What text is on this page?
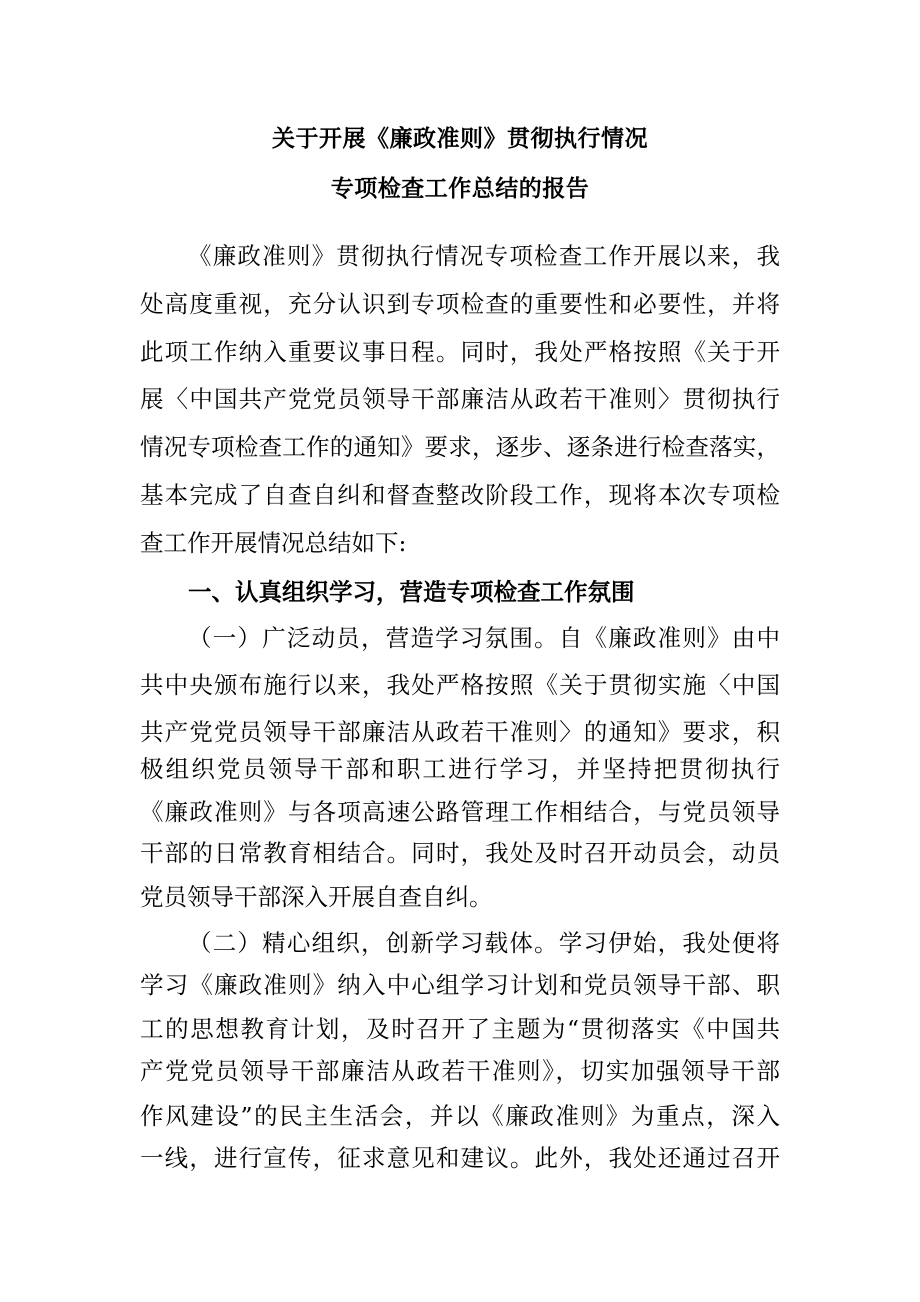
关于开展《廉政准则》贯彻执行情况
专项检查工作总结的报告
《廉政准则》贯彻执行情况专项检查工作开展以来，我
处高度重视，充分认识到专项检查的重要性和必要性，并将
此项工作纳入重要议事日程。同时，我处严格按照《关于开
展〈中国共产党党员领导干部廉洁从政若干准则〉贯彻执行
情况专项检查工作的通知》要求，逐步、逐条进行检查落实，
基本完成了自查自纠和督查整改阶段工作，现将本次专项检
查工作开展情况总结如下:
一、认真组织学习，营造专项检查工作氛围
（一）广泛动员，营造学习氛围。自《廉政准则》由中
共中央颁布施行以来，我处严格按照《关于贯彻实施〈中国
共产党党员领导干部廉洁从政若干准则〉的通知》要求，积
极组织党员领导干部和职工进行学习，并坚持把贯彻执行
《廉政准则》与各项高速公路管理工作相结合，与党员领导
干部的日常教育相结合。同时，我处及时召开动员会，动员
党员领导干部深入开展自查自纠。
（二）精心组织，创新学习载体。学习伊始，我处便将
学习《廉政准则》纳入中心组学习计划和党员领导干部、职
工的思想教育计划，及时召开了主题为“贯彻落实《中国共
产党党员领导干部廉洁从政若干准则》，切实加强领导干部
作风建设”的民主生活会，并以《廉政准则》为重点，深入
一线，进行宣传，征求意见和建议。此外，我处还通过召开
